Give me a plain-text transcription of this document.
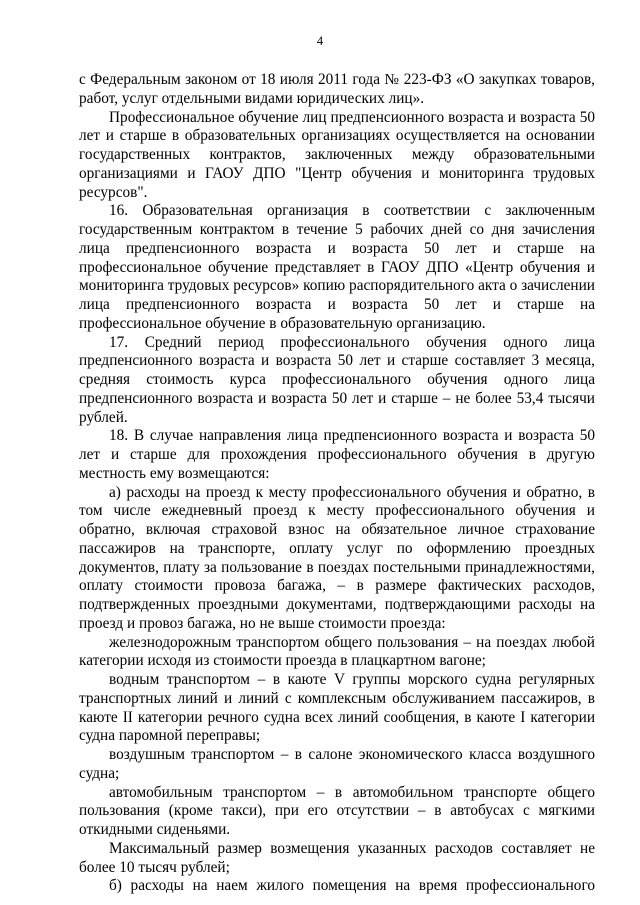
4

с Федеральным законом от 18 июля 2011 года № 223-ФЗ «О закупках товаров, работ, услуг отдельными видами юридических лиц».

Профессиональное обучение лиц предпенсионного возраста и возраста 50 лет и старше в образовательных организациях осуществляется на основании государственных контрактов, заключенных между образовательными организациями и ГАОУ ДПО "Центр обучения и мониторинга трудовых ресурсов".

16. Образовательная организация в соответствии с заключенным государственным контрактом в течение 5 рабочих дней со дня зачисления лица предпенсионного возраста и возраста 50 лет и старше на профессиональное обучение представляет в ГАОУ ДПО «Центр обучения и мониторинга трудовых ресурсов» копию распорядительного акта о зачислении лица предпенсионного возраста и возраста 50 лет и старше на профессиональное обучение в образовательную организацию.

17. Средний период профессионального обучения одного лица предпенсионного возраста и возраста 50 лет и старше составляет 3 месяца, средняя стоимость курса профессионального обучения одного лица предпенсионного возраста и возраста 50 лет и старше – не более 53,4 тысячи рублей.

18. В случае направления лица предпенсионного возраста и возраста 50 лет и старше для прохождения профессионального обучения в другую местность ему возмещаются:

а) расходы на проезд к месту профессионального обучения и обратно, в том числе ежедневный проезд к месту профессионального обучения и обратно, включая страховой взнос на обязательное личное страхование пассажиров на транспорте, оплату услуг по оформлению проездных документов, плату за пользование в поездах постельными принадлежностями, оплату стоимости провоза багажа, – в размере фактических расходов, подтвержденных проездными документами, подтверждающими расходы на проезд и провоз багажа, но не выше стоимости проезда:

железнодорожным транспортом общего пользования – на поездах любой категории исходя из стоимости проезда в плацкартном вагоне;

водным транспортом – в каюте V группы морского судна регулярных транспортных линий и линий с комплексным обслуживанием пассажиров, в каюте II категории речного судна всех линий сообщения, в каюте I категории судна паромной переправы;

воздушным транспортом – в салоне экономического класса воздушного судна;

автомобильным транспортом – в автомобильном транспорте общего пользования (кроме такси), при его отсутствии – в автобусах с мягкими откидными сиденьями.

Максимальный размер возмещения указанных расходов составляет не более 10 тысяч рублей;

б) расходы на наем жилого помещения на время профессионального
